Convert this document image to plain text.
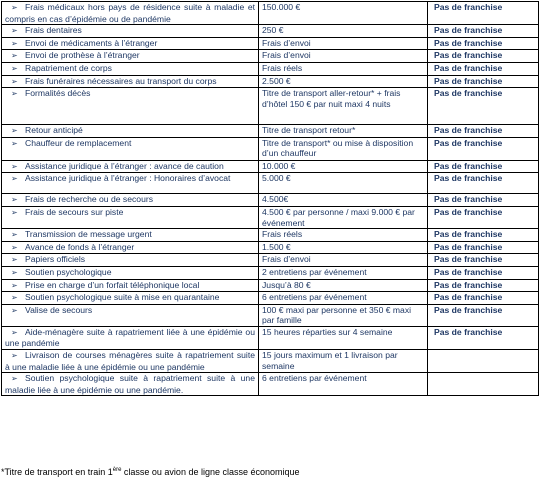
➢ Frais médicaux hors pays de résidence suite à maladie et compris en cas d’épidémie ou de pandémie	150.000 €	Pas de franchise
➢ Frais dentaires	250 €	Pas de franchise
➢ Envoi de médicaments à l’étranger	Frais d’envoi	Pas de franchise
➢ Envoi de prothèse à l’étranger	Frais d’envoi	Pas de franchise
➢ Rapatriement de corps	Frais réels	Pas de franchise
➢ Frais funéraires nécessaires au transport du corps	2.500 €	Pas de franchise
➢ Formalités décès	Titre de transport aller-retour* + frais d’hôtel 150 € par nuit maxi 4 nuits	Pas de franchise
➢ Retour anticipé	Titre de transport retour*	Pas de franchise
➢ Chauffeur de remplacement	Titre de transport* ou mise à disposition d’un chauffeur	Pas de franchise
➢ Assistance juridique à l’étranger : avance de caution	10.000 €	Pas de franchise
➢ Assistance juridique à l’étranger : Honoraires d’avocat	5.000 €	Pas de franchise
➢ Frais de recherche ou de secours	4.500€	Pas de franchise
➢ Frais de secours sur piste	4.500 € par personne / maxi 9.000 € par événement	Pas de franchise
➢ Transmission de message urgent	Frais réels	Pas de franchise
➢ Avance de fonds à l’étranger	1.500 €	Pas de franchise
➢ Papiers officiels	Frais d’envoi	Pas de franchise
➢ Soutien psychologique	2 entretiens par événement	Pas de franchise
➢ Prise en charge d’un forfait téléphonique local	Jusqu’à 80 €	Pas de franchise
➢ Soutien psychologique suite à mise en quarantaine	6 entretiens par événement	Pas de franchise
➢ Valise de secours	100 € maxi par personne et 350 € maxi par famille	Pas de franchise
➢ Aide-ménagère suite à rapatriement liée à une épidémie ou une pandémie	15 heures réparties sur 4 semaine	Pas de franchise
➢ Livraison de courses ménagères suite à rapatriement suite à une maladie liée à une épidémie ou une pandémie	15 jours maximum et 1 livraison par semaine	
➢ Soutien psychologique suite à rapatriement suite à une maladie liée à une épidémie ou une pandémie.	6 entretiens par événement	
*Titre de transport en train 1ère classe ou avion de ligne classe économique
